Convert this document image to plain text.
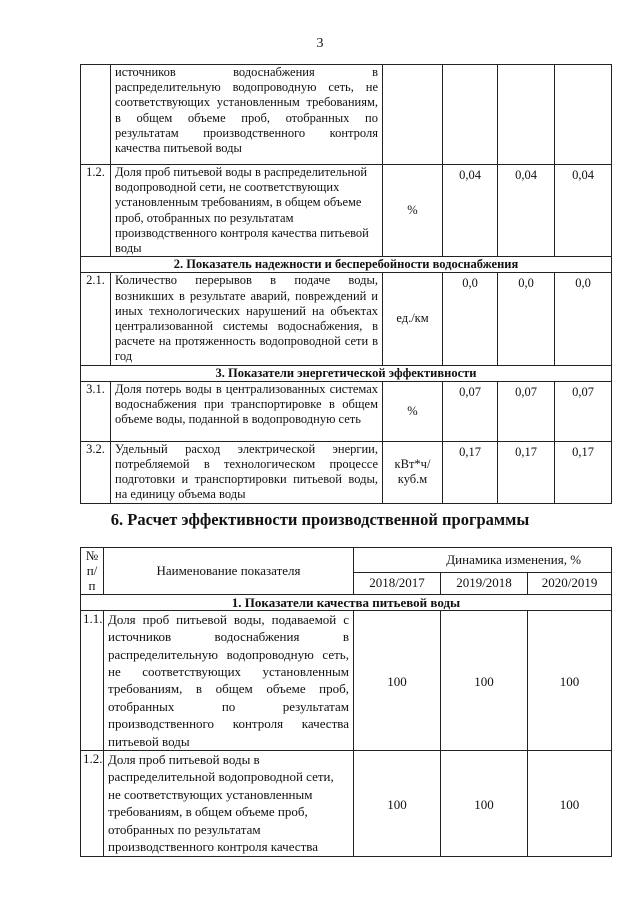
3
	источников водоснабжения в распределительную водопроводную сеть, не соответствующих установленным требованиям, в общем объеме проб, отобранных по результатам производственного контроля качества питьевой воды				
1.2.	Доля проб питьевой воды в распределительной водопроводной сети, не соответствующих установленным требованиям, в общем объеме проб, отобранных по результатам производственного контроля качества питьевой воды	%	0,04	0,04	0,04
2. Показатель надежности и бесперебойности водоснабжения					
2.1.	Количество перерывов в подаче воды, возникших в результате аварий, повреждений и иных технологических нарушений на объектах централизованной системы водоснабжения, в расчете на протяженность водопроводной сети в год	ед./км	0,0	0,0	0,0
3. Показатели энергетической эффективности					
3.1.	Доля потерь воды в централизованных системах водоснабжения при транспортировке в общем объеме воды, поданной в водопроводную сеть	%	0,07	0,07	0,07
3.2.	Удельный расход электрической энергии, потребляемой в технологическом процессе подготовки и транспортировки питьевой воды, на единицу объема воды	кВт*ч/ куб.м	0,17	0,17	0,17
6. Расчет эффективности производственной программы
№ п/п	Наименование показателя	Динамика изменения, %		
		2018/2017	2019/2018	2020/2019
1. Показатели качества питьевой воды				
1.1.	Доля проб питьевой воды, подаваемой с источников водоснабжения в распределительную водопроводную сеть, не соответствующих установленным требованиям, в общем объеме проб, отобранных по результатам производственного контроля качества питьевой воды	100	100	100
1.2.	Доля проб питьевой воды в распределительной водопроводной сети, не соответствующих установленным требованиям, в общем объеме проб, отобранных по результатам производственного контроля качества	100	100	100
